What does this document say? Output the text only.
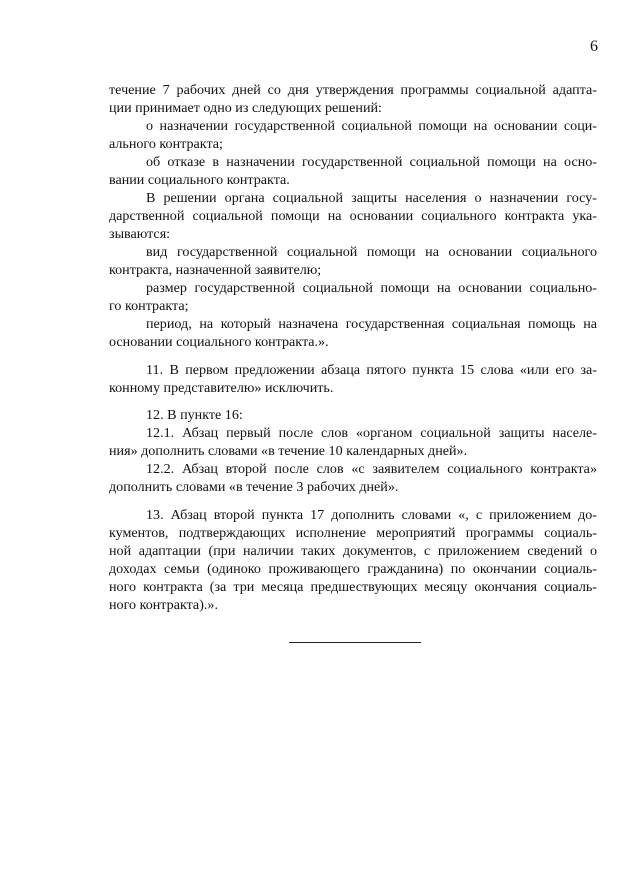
6
течение 7 рабочих дней со дня утверждения программы социальной адапта-
ции принимает одно из следующих решений:
о назначении государственной социальной помощи на основании соци-
ального контракта;
об отказе в назначении государственной социальной помощи на осно-
вании социального контракта.
В решении органа социальной защиты населения о назначении госу-
дарственной социальной помощи на основании социального контракта ука-
зываются:
вид государственной социальной помощи на основании социального
контракта, назначенной заявителю;
размер государственной социальной помощи на основании социально-
го контракта;
период, на который назначена государственная социальная помощь на
основании социального контракта.».
11. В первом предложении абзаца пятого пункта 15 слова «или его за-
конному представителю» исключить.
12. В пункте 16:
12.1. Абзац первый после слов «органом социальной защиты населе-
ния» дополнить словами «в течение 10 календарных дней».
12.2. Абзац второй после слов «с заявителем социального контракта»
дополнить словами «в течение 3 рабочих дней».
13. Абзац второй пункта 17 дополнить словами «, с приложением до-
кументов, подтверждающих исполнение мероприятий программы социаль-
ной адаптации (при наличии таких документов, с приложением сведений о
доходах семьи (одиноко проживающего гражданина) по окончании социаль-
ного контракта (за три месяца предшествующих месяцу окончания социаль-
ного контракта).».
